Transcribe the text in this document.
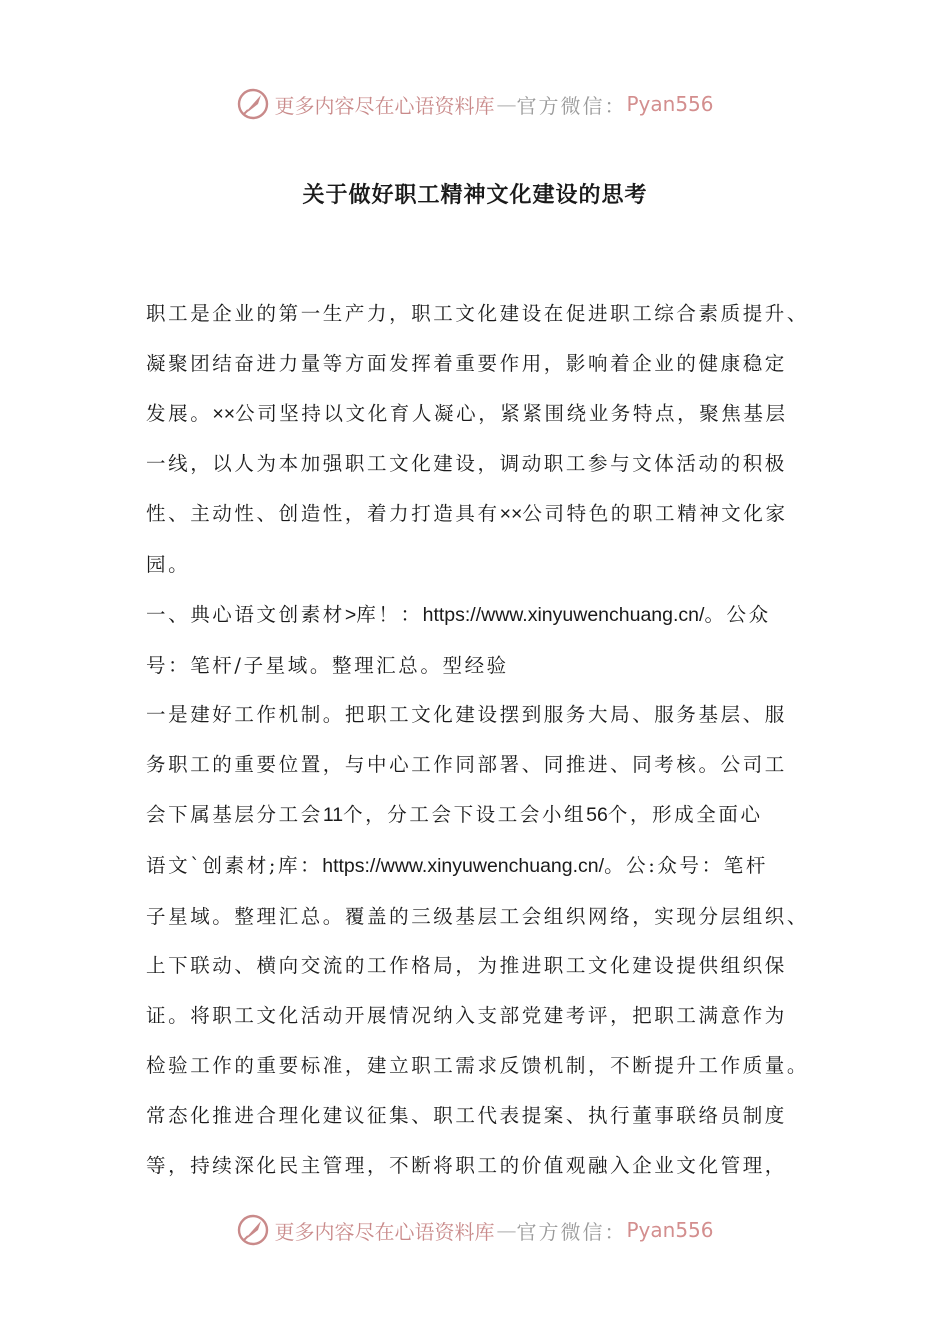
更多内容尽在心语资料库 — 官方微信： Pyan556
关于做好职工精神文化建设的思考

职工是企业的第一生产力，职工文化建设在促进职工综合素质提升、
凝聚团结奋进力量等方面发挥着重要作用，影响着企业的健康稳定
发展。××公司坚持以文化育人凝心，紧紧围绕业务特点，聚焦基层
一线，以人为本加强职工文化建设，调动职工参与文体活动的积极
性、主动性、创造性，着力打造具有××公司特色的职工精神文化家
园。

一、典心语文创素材>库！：https://www.xinyuwenchuang.cn/。公众
号：笔杆/子星域。整理汇总。型经验

一是建好工作机制。把职工文化建设摆到服务大局、服务基层、服
务职工的重要位置，与中心工作同部署、同推进、同考核。公司工
会下属基层分工会11个，分工会下设工会小组56个，形成全面心
语文`创素材;库：https://www.xinyuwenchuang.cn/。公:众号：笔杆
子星域。整理汇总。覆盖的三级基层工会组织网络，实现分层组织、
上下联动、横向交流的工作格局，为推进职工文化建设提供组织保
证。将职工文化活动开展情况纳入支部党建考评，把职工满意作为
检验工作的重要标准，建立职工需求反馈机制，不断提升工作质量。
常态化推进合理化建议征集、职工代表提案、执行董事联络员制度
等，持续深化民主管理，不断将职工的价值观融入企业文化管理，

更多内容尽在心语资料库 — 官方微信： Pyan556
